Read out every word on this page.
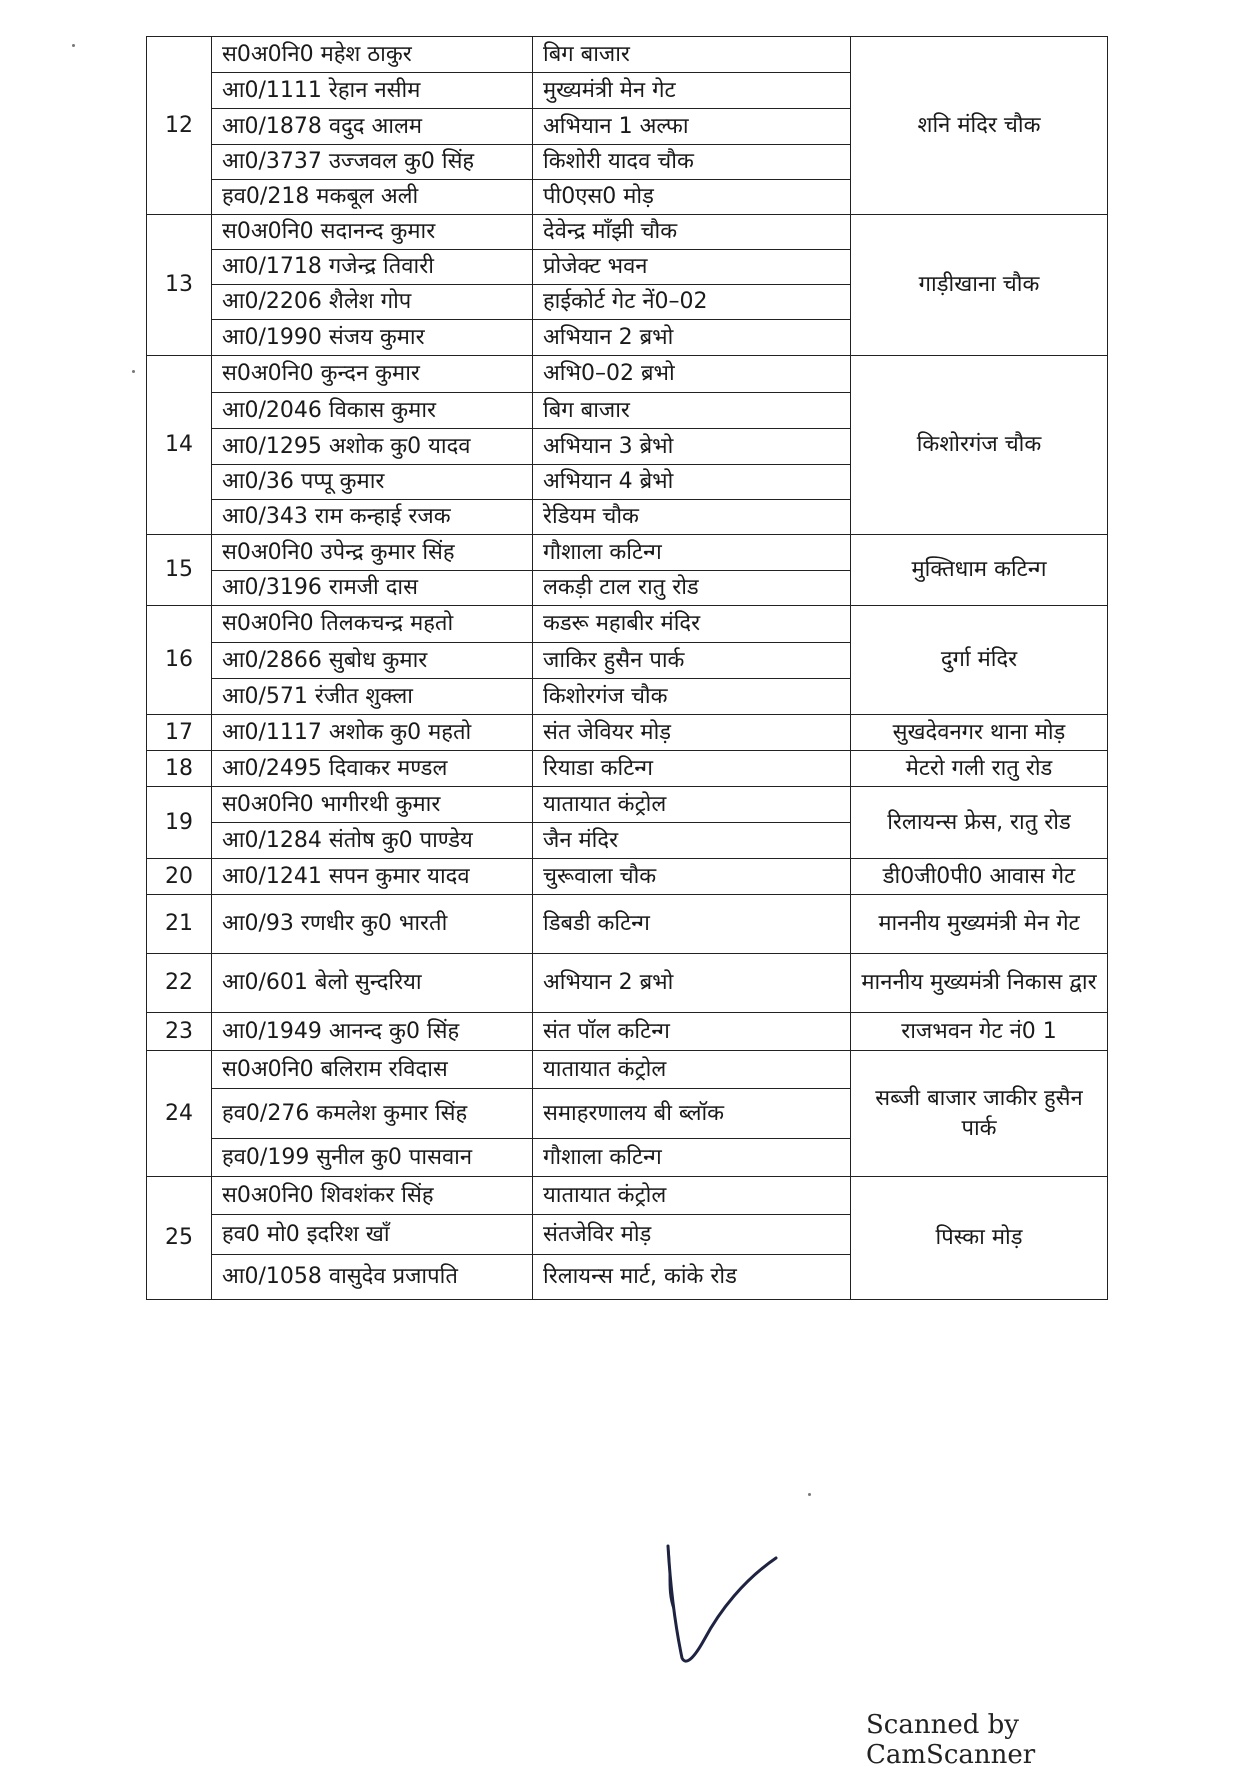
12	स0अ0नि0 महेश ठाकुर	बिग बाजार	शनि मंदिर चौक
	आ0/1111 रेहान नसीम	मुख्यमंत्री मेन गेट	
	आ0/1878 वदुद आलम	अभियान 1 अल्फा	
	आ0/3737 उज्जवल कु0 सिंह	किशोरी यादव चौक	
	हव0/218 मकबूल अली	पी0एस0 मोड़	
13	स0अ0नि0 सदानन्द कुमार	देवेन्द्र माँझी चौक	गाड़ीखाना चौक
	आ0/1718 गजेन्द्र तिवारी	प्रोजेक्ट भवन	
	आ0/2206 शैलेश गोप	हाईकोर्ट गेट नें0–02	
	आ0/1990 संजय कुमार	अभियान 2 ब्रभो	
14	स0अ0नि0 कुन्दन कुमार	अभि0–02 ब्रभो	किशोरगंज चौक
	आ0/2046 विकास कुमार	बिग बाजार	
	आ0/1295 अशोक कु0 यादव	अभियान 3 ब्रेभो	
	आ0/36 पप्पू कुमार	अभियान 4 ब्रेभो	
	आ0/343 राम कन्हाई रजक	रेडियम चौक	
15	स0अ0नि0 उपेन्द्र कुमार सिंह	गौशाला कटिन्ग	मुक्तिधाम कटिन्ग
	आ0/3196 रामजी दास	लकड़ी टाल रातु रोड	
16	स0अ0नि0 तिलकचन्द्र महतो	कडरू महाबीर मंदिर	दुर्गा मंदिर
	आ0/2866 सुबोध कुमार	जाकिर हुसैन पार्क	
	आ0/571 रंजीत शुक्ला	किशोरगंज चौक	
17	आ0/1117 अशोक कु0 महतो	संत जेवियर मोड़	सुखदेवनगर थाना मोड़
18	आ0/2495 दिवाकर मण्डल	रियाडा कटिन्ग	मेटरो गली रातु रोड
19	स0अ0नि0 भागीरथी कुमार	यातायात कंट्रोल	रिलायन्स फ्रेस, रातु रोड
	आ0/1284 संतोष कु0 पाण्डेय	जैन मंदिर	
20	आ0/1241 सपन कुमार यादव	चुरूवाला चौक	डी0जी0पी0 आवास गेट
21	आ0/93 रणधीर कु0 भारती	डिबडी कटिन्ग	माननीय मुख्यमंत्री मेन गेट
22	आ0/601 बेलो सुन्दरिया	अभियान 2 ब्रभो	माननीय मुख्यमंत्री निकास द्वार
23	आ0/1949 आनन्द कु0 सिंह	संत पॉल कटिन्ग	राजभवन गेट नं0 1
24	स0अ0नि0 बलिराम रविदास	यातायात कंट्रोल	सब्जी बाजार जाकीर हुसैन पार्क
	हव0/276 कमलेश कुमार सिंह	समाहरणालय बी ब्लॉक	
	हव0/199 सुनील कु0 पासवान	गौशाला कटिन्ग	
25	स0अ0नि0 शिवशंकर सिंह	यातायात कंट्रोल	पिस्का मोड़
	हव0 मो0 इदरिश खाँ	संतजेविर मोड़	
	आ0/1058 वासुदेव प्रजापति	रिलायन्स मार्ट, कांके रोड	
Scanned by CamScanner
